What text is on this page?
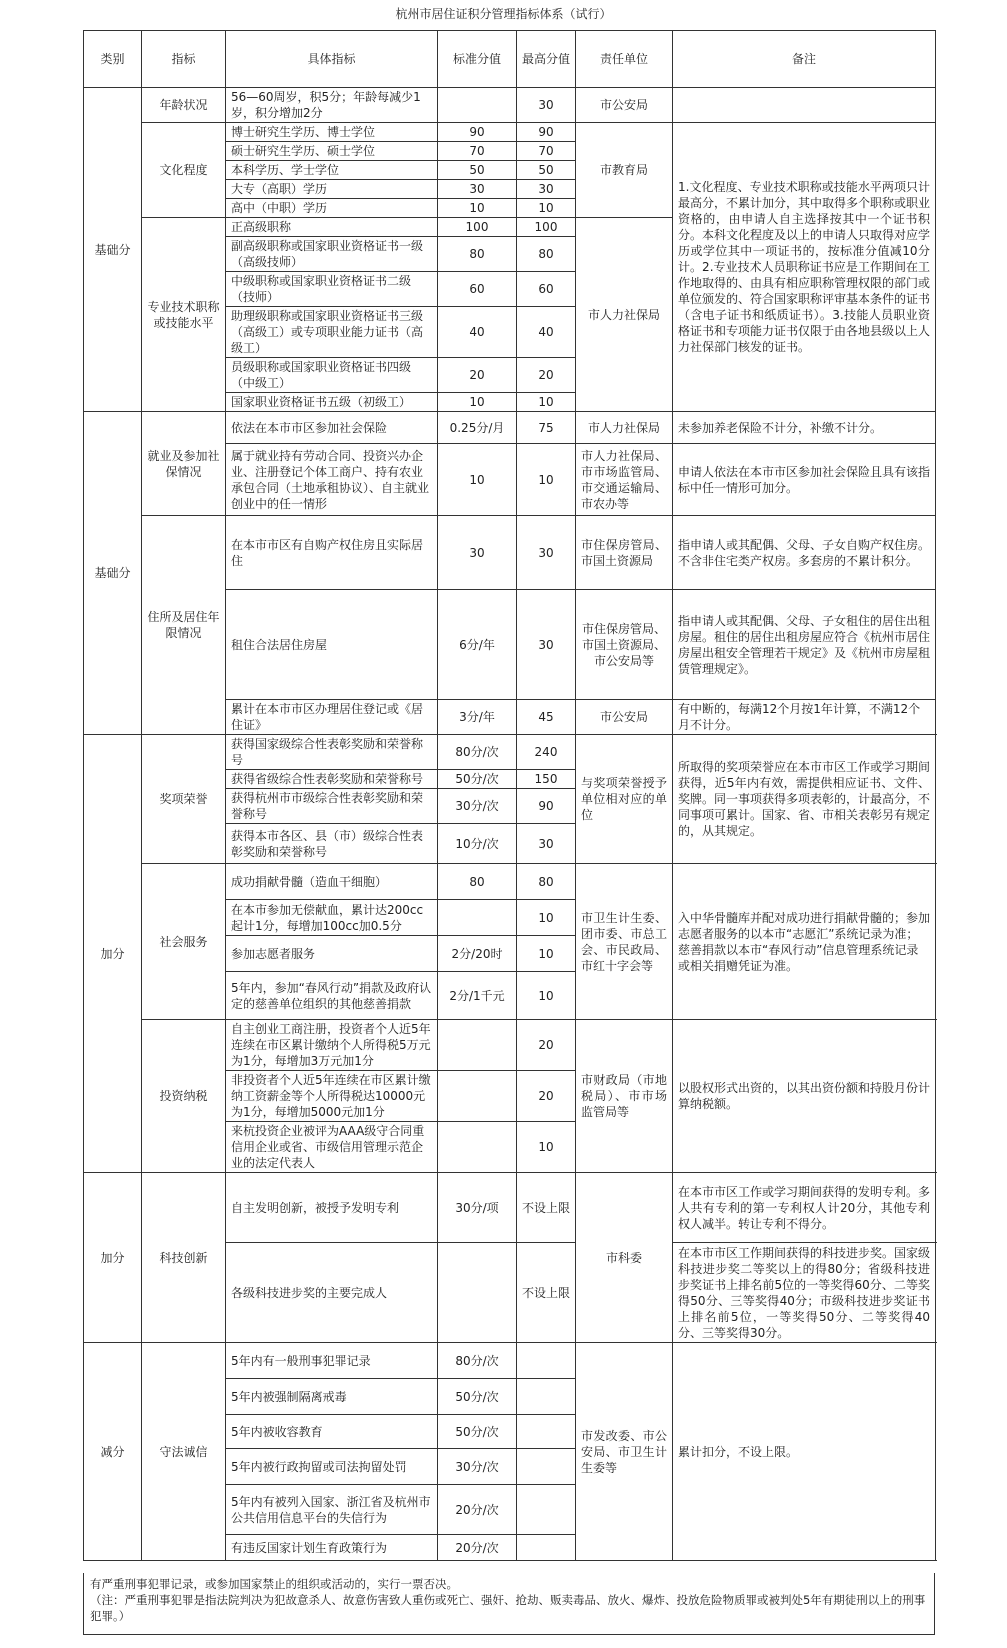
杭州市居住证积分管理指标体系（试行）
类别	指标	具体指标	标准分值	最高分值	责任单位	备注	
基础分	年龄状况	56—60周岁，积5分；年龄每减少1岁，积分增加2分		30	市公安局		
	文化程度	博士研究生学历、博士学位	90	90	市教育局	1.文化程度、专业技术职称或技能水平两项只计最高分，不累计加分，其中取得多个职称或职业资格的，由申请人自主选择按其中一个证书积分。本科文化程度及以上的申请人只取得对应学历或学位其中一项证书的，按标准分值减10分计。2.专业技术人员职称证书应是工作期间在工作地取得的、由具有相应职称管理权限的部门或单位颁发的、符合国家职称评审基本条件的证书（含电子证书和纸质证书）。3.技能人员职业资格证书和专项能力证书仅限于由各地县级以上人力社保部门核发的证书。	
		硕士研究生学历、硕士学位	70	70			
		本科学历、学士学位	50	50			
		大专（高职）学历	30	30			
		高中（中职）学历	10	10			
	专业技术职称或技能水平	正高级职称	100	100	市人力社保局		
		副高级职称或国家职业资格证书一级（高级技师）	80	80			
		中级职称或国家职业资格证书二级（技师）	60	60			
		助理级职称或国家职业资格证书三级（高级工）或专项职业能力证书（高级工）	40	40			
		员级职称或国家职业资格证书四级（中级工）	20	20			
		国家职业资格证书五级（初级工）	10	10			
基础分	就业及参加社保情况	依法在本市市区参加社会保险	0.25分/月	75	市人力社保局	未参加养老保险不计分，补缴不计分。	
		属于就业持有劳动合同、投资兴办企业、注册登记个体工商户、持有农业承包合同（土地承租协议）、自主就业创业中的任一情形	10	10	市人力社保局、市市场监管局、市交通运输局、市农办等	申请人依法在本市市区参加社会保险且具有该指标中任一情形可加分。	
	住所及居住年限情况	在本市市区有自购产权住房且实际居住	30	30	市住保房管局、市国土资源局	指申请人或其配偶、父母、子女自购产权住房。不含非住宅类产权房。多套房的不累计积分。	
		租住合法居住房屋	6分/年	30	市住保房管局、市国土资源局、市公安局等	指申请人或其配偶、父母、子女租住的居住出租房屋。租住的居住出租房屋应符合《杭州市居住房屋出租安全管理若干规定》及《杭州市房屋租赁管理规定》。	
		累计在本市市区办理居住登记或《居住证》	3分/年	45	市公安局	有中断的，每满12个月按1年计算，不满12个月不计分。	
加分	奖项荣誉	获得国家级综合性表彰奖励和荣誉称号	80分/次	240	与奖项荣誉授予单位相对应的单位	所取得的奖项荣誉应在本市市区工作或学习期间获得，近5年内有效，需提供相应证书、文件、奖牌。同一事项获得多项表彰的，计最高分，不同事项可累计。国家、省、市相关表彰另有规定的，从其规定。	
		获得省级综合性表彰奖励和荣誉称号	50分/次	150			
		获得杭州市市级综合性表彰奖励和荣誉称号	30分/次	90			
		获得本市各区、县（市）级综合性表彰奖励和荣誉称号	10分/次	30			
	社会服务	成功捐献骨髓（造血干细胞）	80	80	市卫生计生委、团市委、市总工会、市民政局、市红十字会等	入中华骨髓库并配对成功进行捐献骨髓的；参加志愿者服务的以本市“志愿汇”系统记录为准；慈善捐款以本市“春风行动”信息管理系统记录或相关捐赠凭证为准。	
		在本市参加无偿献血，累计达200cc起计1分，每增加100cc加0.5分		10			
		参加志愿者服务	2分/20时	10			
		5年内，参加“春风行动”捐款及政府认定的慈善单位组织的其他慈善捐款	2分/1千元	10			
	投资纳税	自主创业工商注册，投资者个人近5年连续在市区累计缴纳个人所得税5万元为1分，每增加3万元加1分		20	市财政局（市地税局）、市市场监管局等	以股权形式出资的，以其出资份额和持股月份计算纳税额。	
		非投资者个人近5年连续在市区累计缴纳工资薪金等个人所得税达10000元为1分，每增加5000元加1分		20			
		来杭投资企业被评为AAA级守合同重信用企业或省、市级信用管理示范企业的法定代表人		10			
加分	科技创新	自主发明创新，被授予发明专利	30分/项	不设上限	市科委	在本市市区工作或学习期间获得的发明专利。多人共有专利的第一专利权人计20分，其他专利权人减半。转让专利不得分。	
		各级科技进步奖的主要完成人		不设上限		在本市市区工作期间获得的科技进步奖。国家级科技进步奖二等奖以上的得80分；省级科技进步奖证书上排名前5位的一等奖得60分、二等奖得50分、三等奖得40分；市级科技进步奖证书上排名前5位，一等奖得50分、二等奖得40分、三等奖得30分。	
减分	守法诚信	5年内有一般刑事犯罪记录	80分/次		市发改委、市公安局、市卫生计生委等	累计扣分，不设上限。	
		5年内被强制隔离戒毒	50分/次				
		5年内被收容教育	50分/次				
		5年内被行政拘留或司法拘留处罚	30分/次				
		5年内有被列入国家、浙江省及杭州市公共信用信息平台的失信行为	20分/次				
		有违反国家计划生育政策行为	20分/次				
有严重刑事犯罪记录，或参加国家禁止的组织或活动的，实行一票否决。
（注：严重刑事犯罪是指法院判决为犯故意杀人、故意伤害致人重伤或死亡、强奸、抢劫、贩卖毒品、放火、爆炸、投放危险物质罪或被判处5年有期徒刑以上的刑事犯罪。）
